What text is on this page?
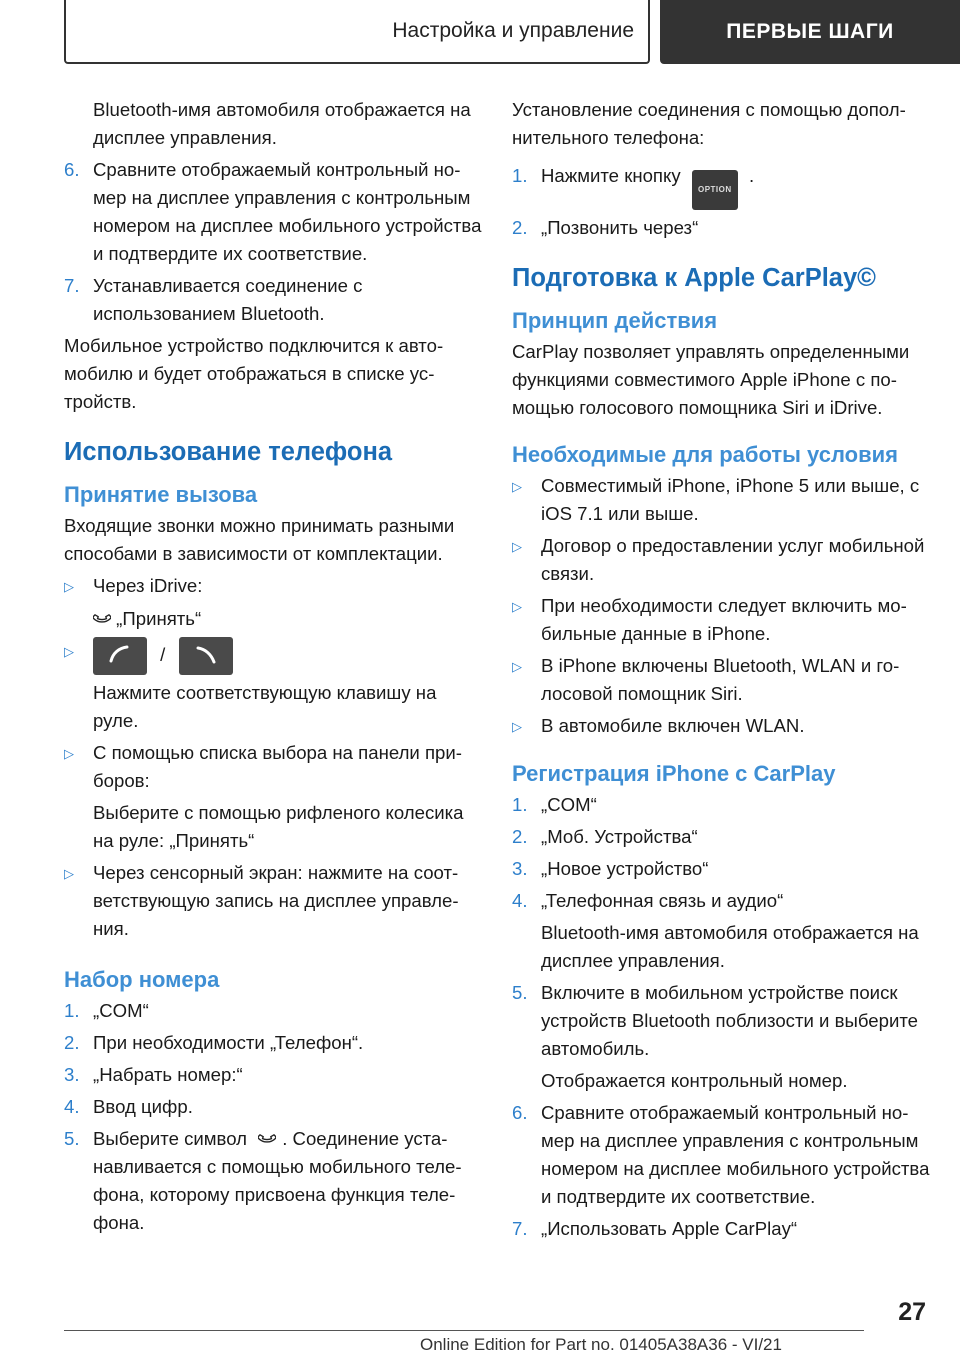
Настройка и управление	ПЕРВЫЕ ШАГИ
Bluetooth-имя автомобиля отображается на дисплее управления.
6. Сравните отображаемый контрольный номер на дисплее управления с контрольным номером на дисплее мобильного устройства и подтвердите их соответствие.
7. Устанавливается соединение с использованием Bluetooth.
Мобильное устройство подключится к автомобилю и будет отображаться в списке устройств.
Использование телефона
Принятие вызова
Входящие звонки можно принимать разными способами в зависимости от комплектации.
▷	Через iDrive:
„Принять“
▷	/
Нажмите соответствующую клавишу на руле.
▷	С помощью списка выбора на панели приборов:
Выберите с помощью рифленого колесика на руле: „Принять“
▷	Через сенсорный экран: нажмите на соответствующую запись на дисплее управления.
Набор номера
1. „COM“
2. При необходимости „Телефон“.
3. „Набрать номер:“
4. Ввод цифр.
5. Выберите символ . Соединение устанавливается с помощью мобильного телефона, которому присвоена функция телефона.
Установление соединения с помощью дополнительного телефона:
1. Нажмите кнопку OPTION .
2. „Позвонить через“
Подготовка к Apple CarPlay©
Принцип действия
CarPlay позволяет управлять определенными функциями совместимого Apple iPhone с помощью голосового помощника Siri и iDrive.
Необходимые для работы условия
▷	Совместимый iPhone, iPhone 5 или выше, с iOS 7.1 или выше.
▷	Договор о предоставлении услуг мобильной связи.
▷	При необходимости следует включить мобильные данные в iPhone.
▷	В iPhone включены Bluetooth, WLAN и голосовой помощник Siri.
▷	В автомобиле включен WLAN.
Регистрация iPhone с CarPlay
1. „COM“
2. „Моб. Устройства“
3. „Новое устройство“
4. „Телефонная связь и аудио“
Bluetooth-имя автомобиля отображается на дисплее управления.
5. Включите в мобильном устройстве поиск устройств Bluetooth поблизости и выберите автомобиль.
Отображается контрольный номер.
6. Сравните отображаемый контрольный номер на дисплее управления с контрольным номером на дисплее мобильного устройства и подтвердите их соответствие.
7. „Использовать Apple CarPlay“
27
Online Edition for Part no. 01405A38A36 - VI/21
